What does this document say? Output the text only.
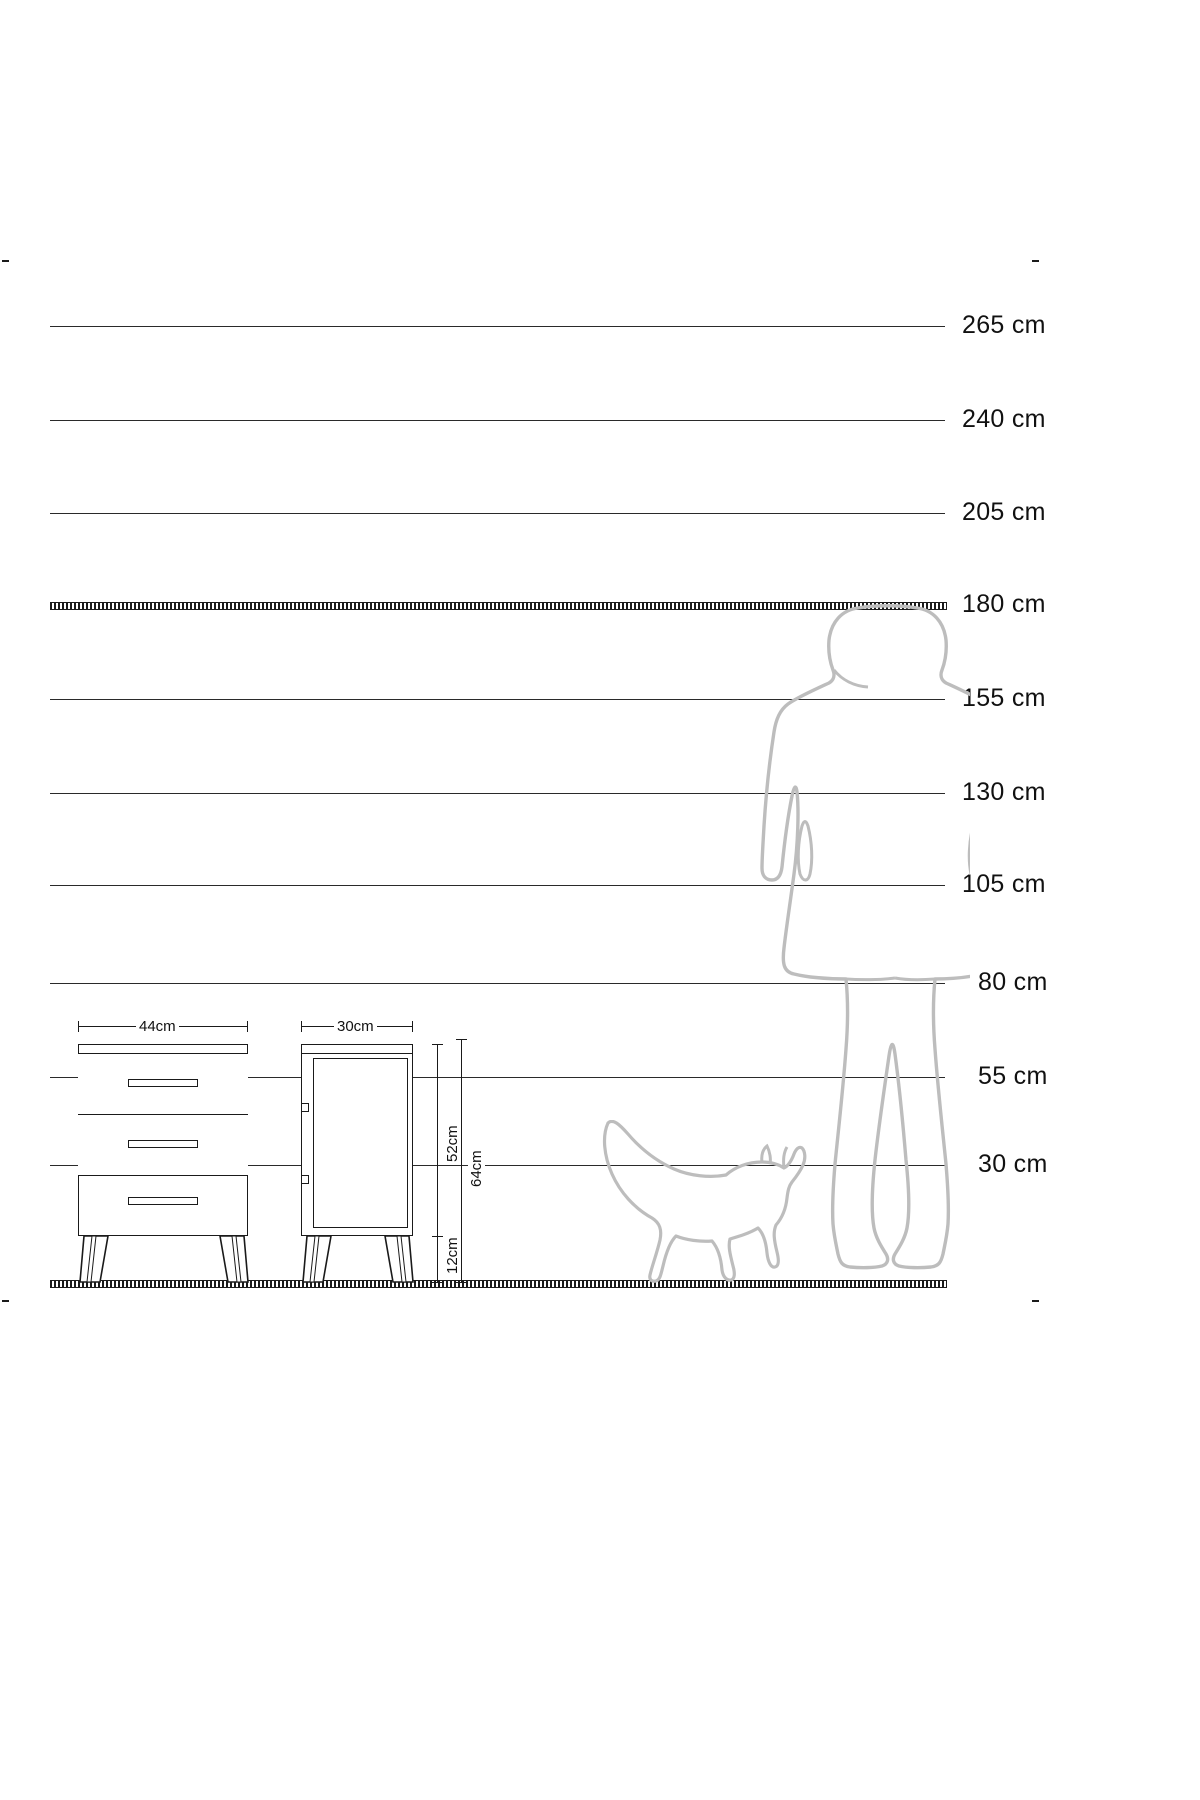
265 cm
240 cm
205 cm
180 cm
155 cm
130 cm
105 cm
80 cm
55 cm
30 cm
44cm	30cm
52cm
12cm
64cm
